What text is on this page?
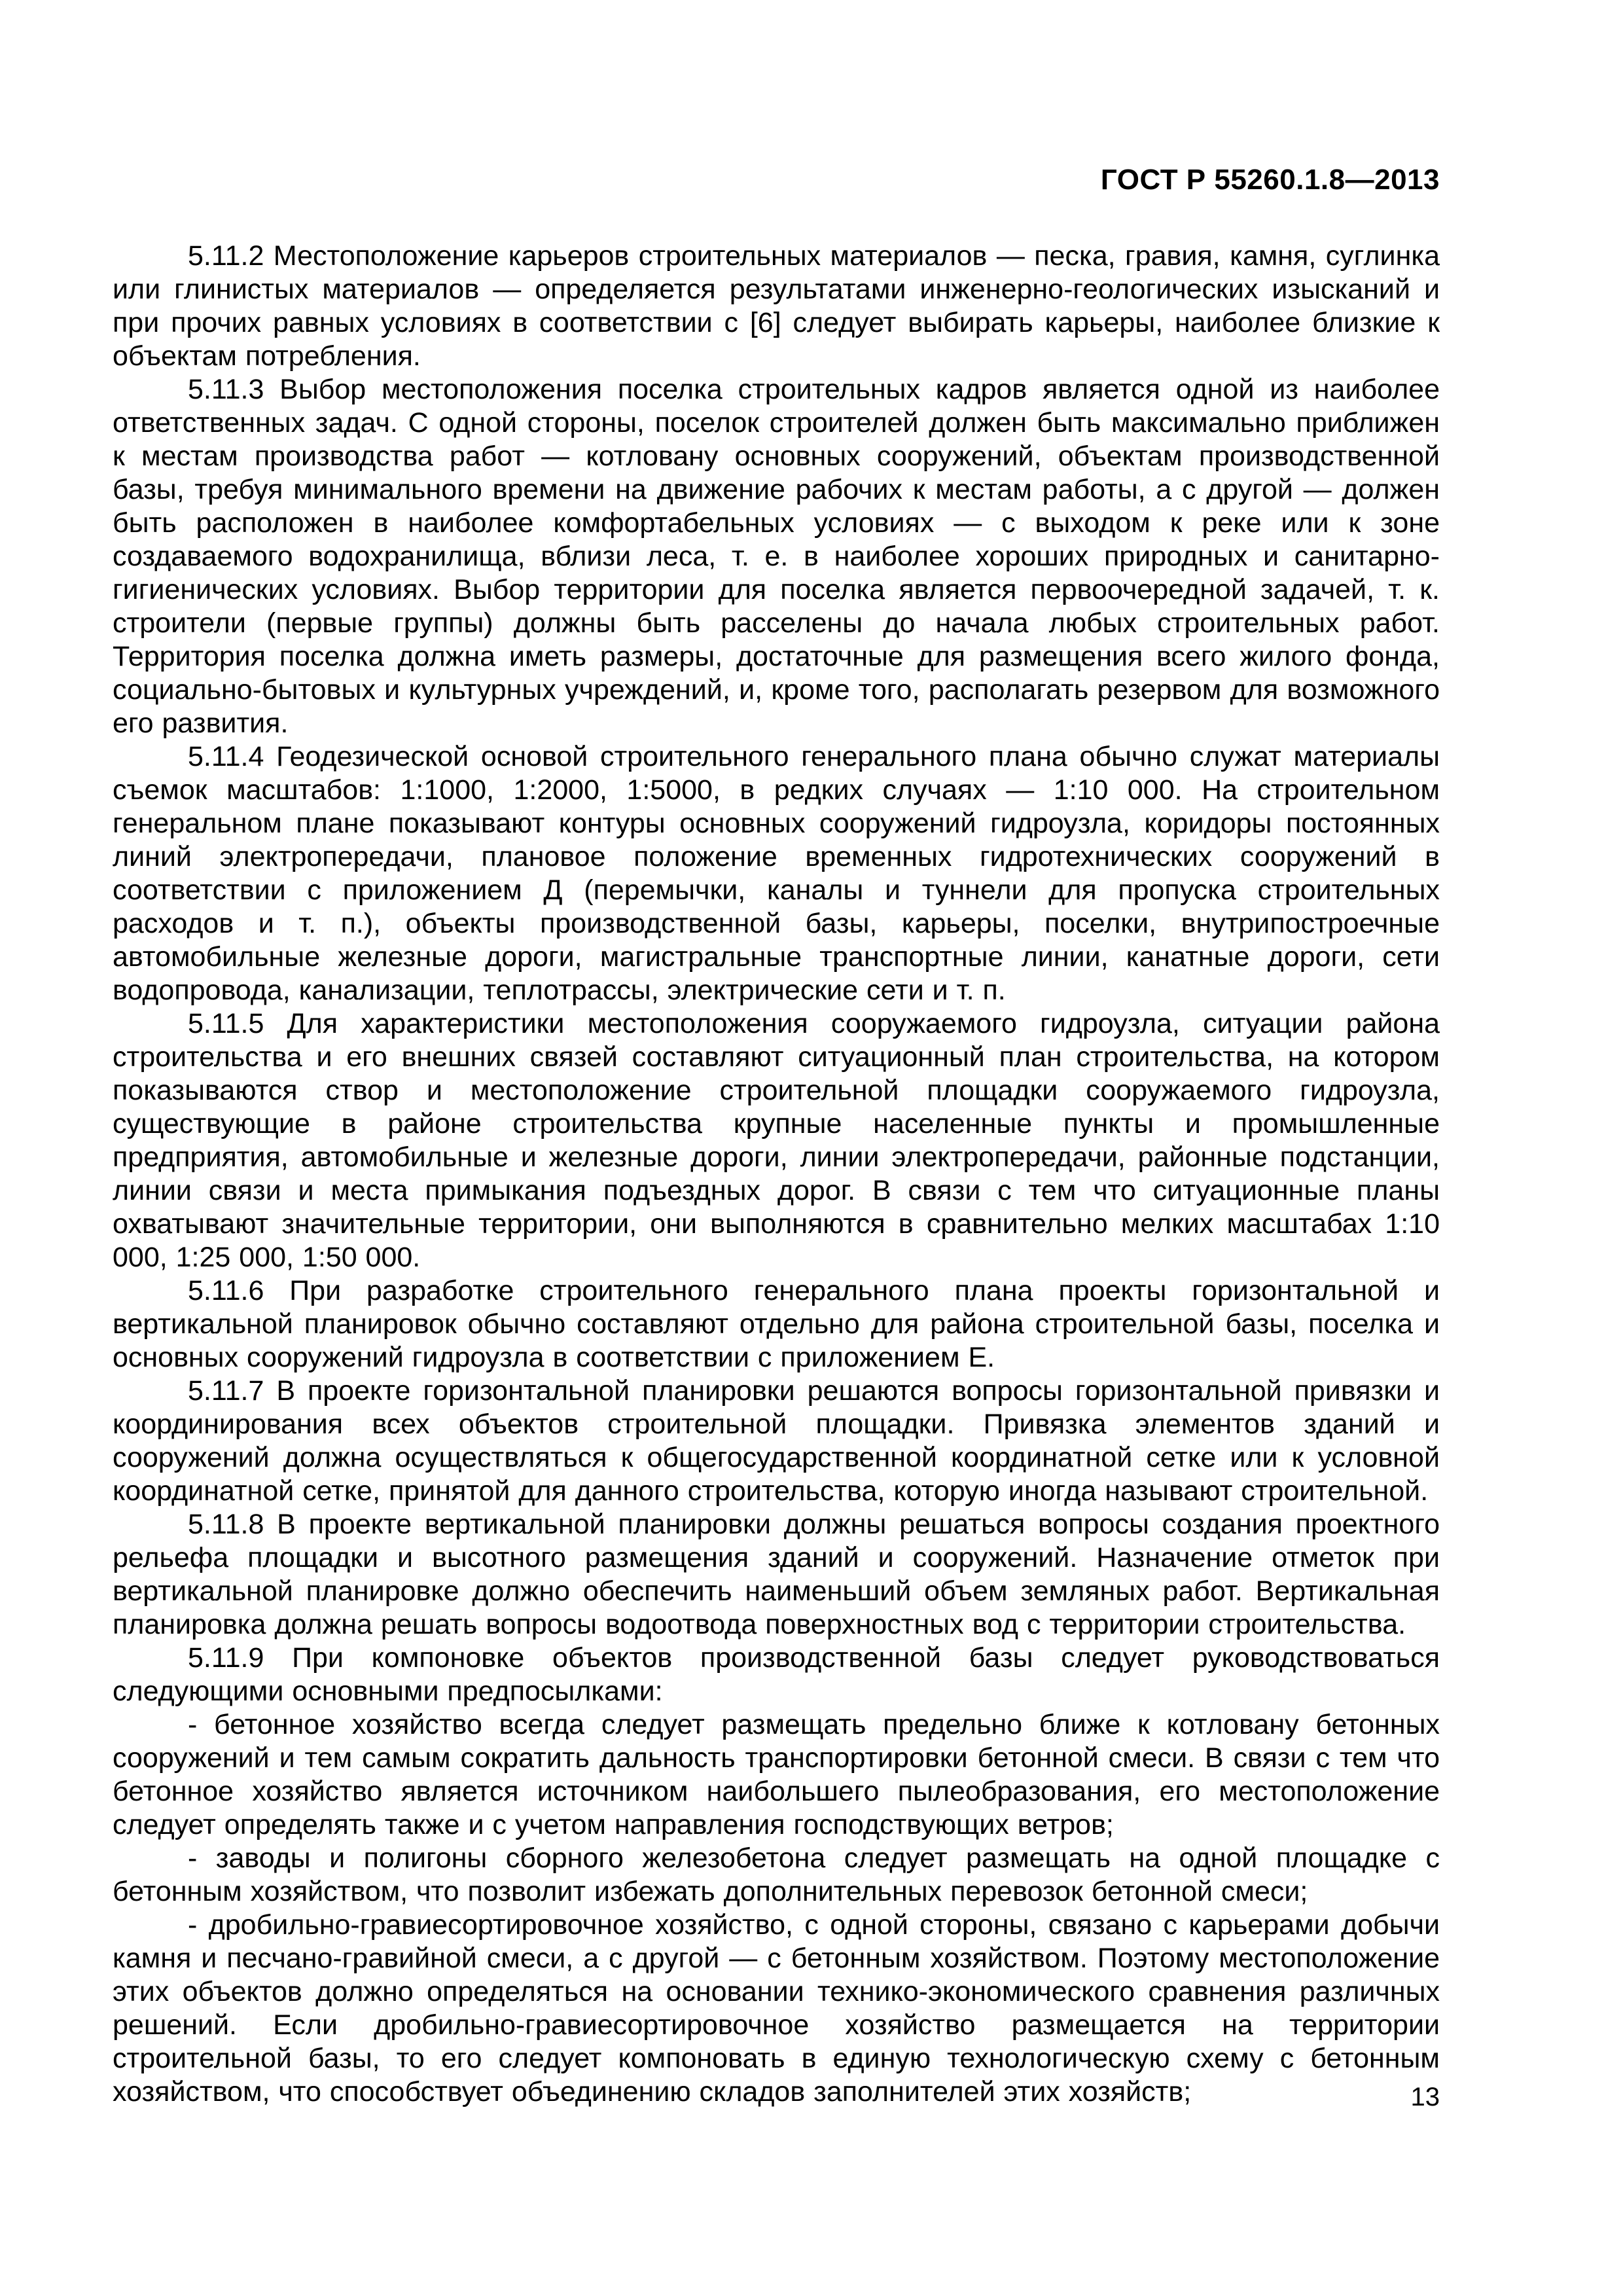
ГОСТ Р 55260.1.8—2013

5.11.2 Местоположение карьеров строительных материалов — песка, гравия, камня, суглинка или глинистых материалов — определяется результатами инженерно-геологических изысканий и при прочих равных условиях в соответствии с [6] следует выбирать карьеры, наиболее близкие к объектам потребления.

5.11.3 Выбор местоположения поселка строительных кадров является одной из наиболее ответственных задач. С одной стороны, поселок строителей должен быть максимально приближен к местам производства работ — котловану основных сооружений, объектам производственной базы, требуя минимального времени на движение рабочих к местам работы, а с другой — должен быть расположен в наиболее комфортабельных условиях — с выходом к реке или к зоне создаваемого водохранилища, вблизи леса, т. е. в наиболее хороших природных и санитарно-гигиенических условиях. Выбор территории для поселка является первоочередной задачей, т. к. строители (первые группы) должны быть расселены до начала любых строительных работ. Территория поселка должна иметь размеры, достаточные для размещения всего жилого фонда, социально-бытовых и культурных учреждений, и, кроме того, располагать резервом для возможного его развития.

5.11.4 Геодезической основой строительного генерального плана обычно служат материалы съемок масштабов: 1:1000, 1:2000, 1:5000, в редких случаях — 1:10 000. На строительном генеральном плане показывают контуры основных сооружений гидроузла, коридоры постоянных линий электропередачи, плановое положение временных гидротехнических сооружений в соответствии с приложением Д (перемычки, каналы и туннели для пропуска строительных расходов и т. п.), объекты производственной базы, карьеры, поселки, внутрипостроечные автомобильные железные дороги, магистральные транспортные линии, канатные дороги, сети водопровода, канализации, теплотрассы, электрические сети и т. п.

5.11.5 Для характеристики местоположения сооружаемого гидроузла, ситуации района строительства и его внешних связей составляют ситуационный план строительства, на котором показываются створ и местоположение строительной площадки сооружаемого гидроузла, существующие в районе строительства крупные населенные пункты и промышленные предприятия, автомобильные и железные дороги, линии электропередачи, районные подстанции, линии связи и места примыкания подъездных дорог. В связи с тем что ситуационные планы охватывают значительные территории, они выполняются в сравнительно мелких масштабах 1:10 000, 1:25 000, 1:50 000.

5.11.6 При разработке строительного генерального плана проекты горизонтальной и вертикальной планировок обычно составляют отдельно для района строительной базы, поселка и основных сооружений гидроузла в соответствии с приложением Е.

5.11.7 В проекте горизонтальной планировки решаются вопросы горизонтальной привязки и координирования всех объектов строительной площадки. Привязка элементов зданий и сооружений должна осуществляться к общегосударственной координатной сетке или к условной координатной сетке, принятой для данного строительства, которую иногда называют строительной.

5.11.8 В проекте вертикальной планировки должны решаться вопросы создания проектного рельефа площадки и высотного размещения зданий и сооружений. Назначение отметок при вертикальной планировке должно обеспечить наименьший объем земляных работ. Вертикальная планировка должна решать вопросы водоотвода поверхностных вод с территории строительства.

5.11.9 При компоновке объектов производственной базы следует руководствоваться следующими основными предпосылками:

- бетонное хозяйство всегда следует размещать предельно ближе к котловану бетонных сооружений и тем самым сократить дальность транспортировки бетонной смеси. В связи с тем что бетонное хозяйство является источником наибольшего пылеобразования, его местоположение следует определять также и с учетом направления господствующих ветров;

- заводы и полигоны сборного железобетона следует размещать на одной площадке с бетонным хозяйством, что позволит избежать дополнительных перевозок бетонной смеси;

- дробильно-гравиесортировочное хозяйство, с одной стороны, связано с карьерами добычи камня и песчано-гравийной смеси, а с другой — с бетонным хозяйством. Поэтому местоположение этих объектов должно определяться на основании технико-экономического сравнения различных решений. Если дробильно-гравиесортировочное хозяйство размещается на территории строительной базы, то его следует компоновать в единую технологическую схему с бетонным хозяйством, что способствует объединению складов заполнителей этих хозяйств;	13
